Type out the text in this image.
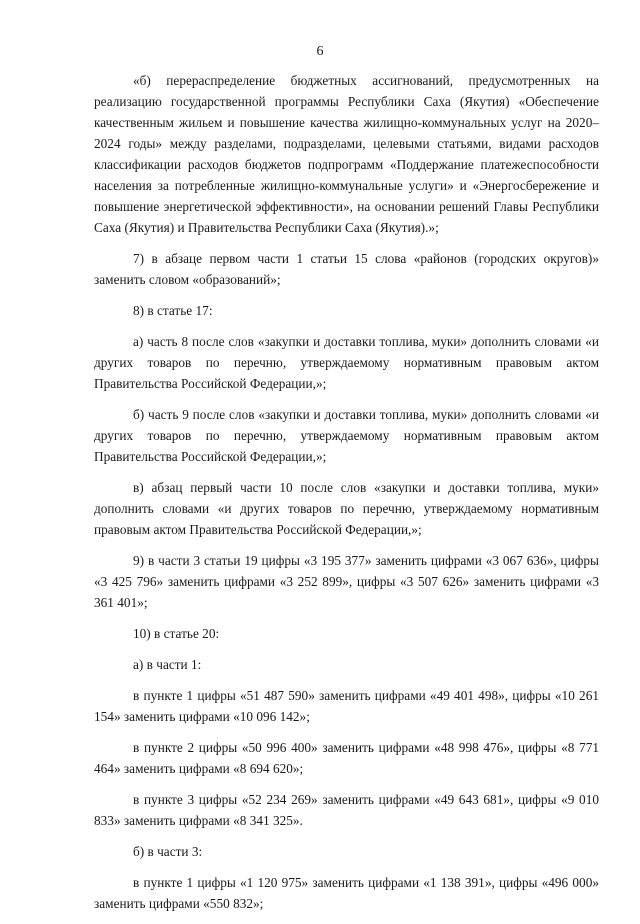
6

«б) перераспределение бюджетных ассигнований, предусмотренных на реализацию государственной программы Республики Саха (Якутия) «Обеспечение качественным жильем и повышение качества жилищно-коммунальных услуг на 2020–2024 годы» между разделами, подразделами, целевыми статьями, видами расходов классификации расходов бюджетов подпрограмм «Поддержание платежеспособности населения за потребленные жилищно-коммунальные услуги» и «Энергосбережение и повышение энергетической эффективности», на основании решений Главы Республики Саха (Якутия) и Правительства Республики Саха (Якутия).»;

7) в абзаце первом части 1 статьи 15 слова «районов (городских округов)» заменить словом «образований»;

8) в статье 17:

а) часть 8 после слов «закупки и доставки топлива, муки» дополнить словами «и других товаров по перечню, утверждаемому нормативным правовым актом Правительства Российской Федерации,»;

б) часть 9 после слов «закупки и доставки топлива, муки» дополнить словами «и других товаров по перечню, утверждаемому нормативным правовым актом Правительства Российской Федерации,»;

в) абзац первый части 10 после слов «закупки и доставки топлива, муки» дополнить словами «и других товаров по перечню, утверждаемому нормативным правовым актом Правительства Российской Федерации,»;

9) в части 3 статьи 19 цифры «3 195 377» заменить цифрами «3 067 636», цифры «3 425 796» заменить цифрами «3 252 899», цифры «3 507 626» заменить цифрами «3 361 401»;

10) в статье 20:

а) в части 1:

в пункте 1 цифры «51 487 590» заменить цифрами «49 401 498», цифры «10 261 154» заменить цифрами «10 096 142»;

в пункте 2 цифры «50 996 400» заменить цифрами «48 998 476», цифры «8 771 464» заменить цифрами «8 694 620»;

в пункте 3 цифры «52 234 269» заменить цифрами «49 643 681», цифры «9 010 833» заменить цифрами «8 341 325».

б) в части 3:

в пункте 1 цифры «1 120 975» заменить цифрами «1 138 391», цифры «496 000» заменить цифрами «550 832»;
